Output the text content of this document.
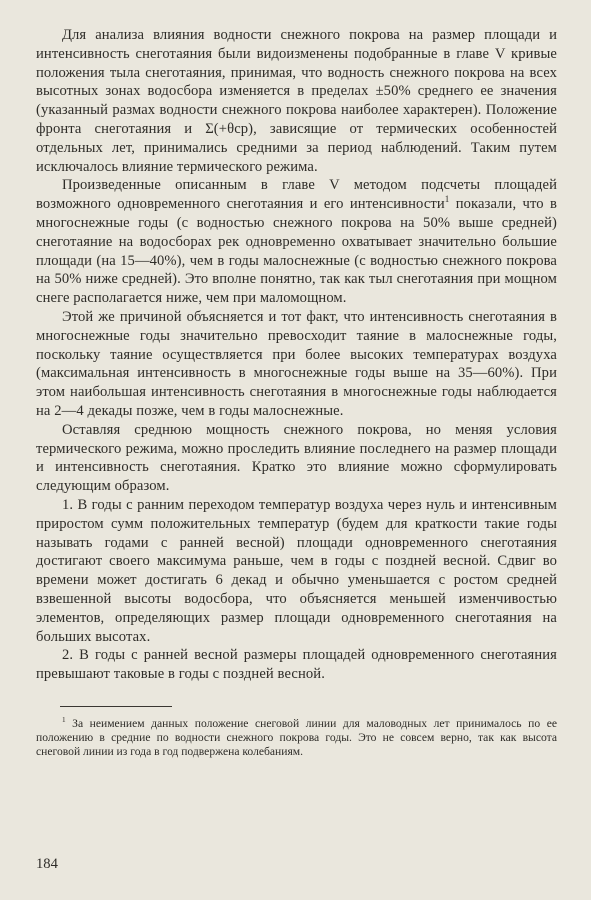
Для анализа влияния водности снежного покрова на размер площади и интенсивность снеготаяния были видоизменены подобранные в главе V кривые положения тыла снеготаяния, принимая, что водность снежного покрова на всех высотных зонах водосбора изменяется в пределах ±50% среднего ее значения (указанный размах водности снежного покрова наиболее характерен). Положение фронта снеготаяния и Σ(+θср), зависящие от термических особенностей отдельных лет, принимались средними за период наблюдений. Таким путем исключалось влияние термического режима.

Произведенные описанным в главе V методом подсчеты площадей возможного одновременного снеготаяния и его интенсивности$^1$ показали, что в многоснежные годы (с водностью снежного покрова на 50% выше средней) снеготаяние на водосборах рек одновременно охватывает значительно большие площади (на 15—40%), чем в годы малоснежные (с водностью снежного покрова на 50% ниже средней). Это вполне понятно, так как тыл снеготаяния при мощном снеге располагается ниже, чем при маломощном.

Этой же причиной объясняется и тот факт, что интенсивность снеготаяния в многоснежные годы значительно превосходит таяние в малоснежные годы, поскольку таяние осуществляется при более высоких температурах воздуха (максимальная интенсивность в многоснежные годы выше на 35—60%). При этом наибольшая интенсивность снеготаяния в многоснежные годы наблюдается на 2—4 декады позже, чем в годы малоснежные.

Оставляя среднюю мощность снежного покрова, но меняя условия термического режима, можно проследить влияние последнего на размер площади и интенсивность снеготаяния. Кратко это влияние можно сформулировать следующим образом.

1. В годы с ранним переходом температур воздуха через нуль и интенсивным приростом сумм положительных температур (будем для краткости такие годы называть годами с ранней весной) площади одновременного снеготаяния достигают своего максимума раньше, чем в годы с поздней весной. Сдвиг во времени может достигать 6 декад и обычно уменьшается с ростом средней взвешенной высоты водосбора, что объясняется меньшей изменчивостью элементов, определяющих размер площади одновременного снеготаяния на больших высотах.

2. В годы с ранней весной размеры площадей одновременного снеготаяния превышают таковые в годы с поздней весной.

$^1$ За неимением данных положение снеговой линии для маловодных лет принималось по ее положению в средние по водности снежного покрова годы. Это не совсем верно, так как высота снеговой линии из года в год подвержена колебаниям.

184
